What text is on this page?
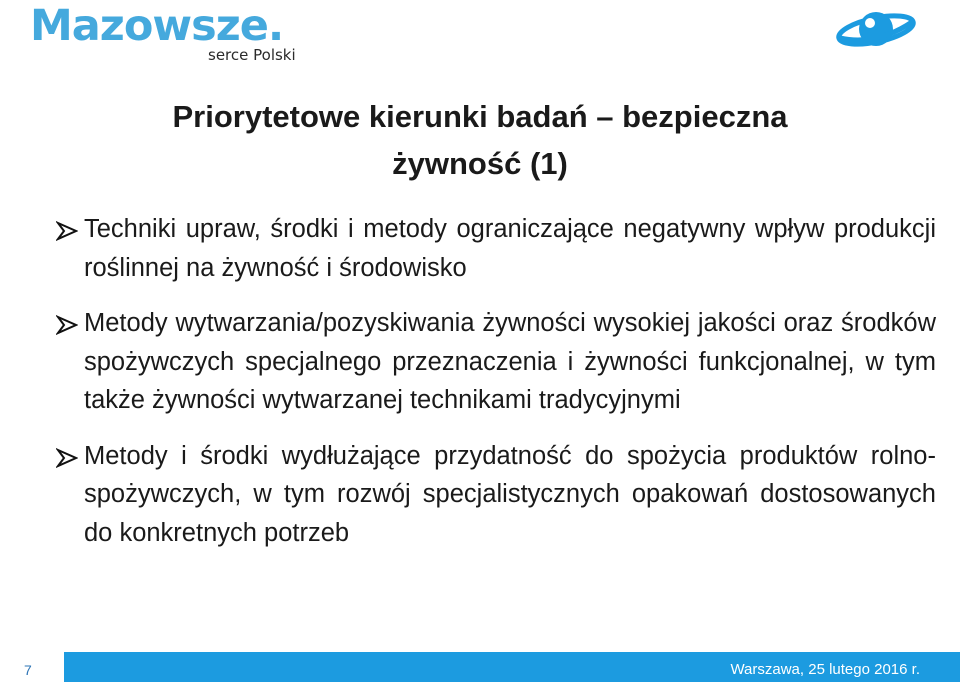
Mazowsze.
serce Polski
Priorytetowe kierunki badań – bezpieczna
żywność (1)
Techniki upraw, środki i metody ograniczające negatywny wpływ produkcji roślinnej na żywność i środowisko
Metody wytwarzania/pozyskiwania żywności wysokiej jakości oraz środków spożywczych specjalnego przeznaczenia i żywności funkcjonalnej, w tym także żywności wytwarzanej technikami tradycyjnymi
Metody i środki wydłużające przydatność do spożycia produktów rolno-spożywczych, w tym rozwój specjalistycznych opakowań dostosowanych do konkretnych potrzeb
7	Warszawa, 25 lutego 2016 r.
